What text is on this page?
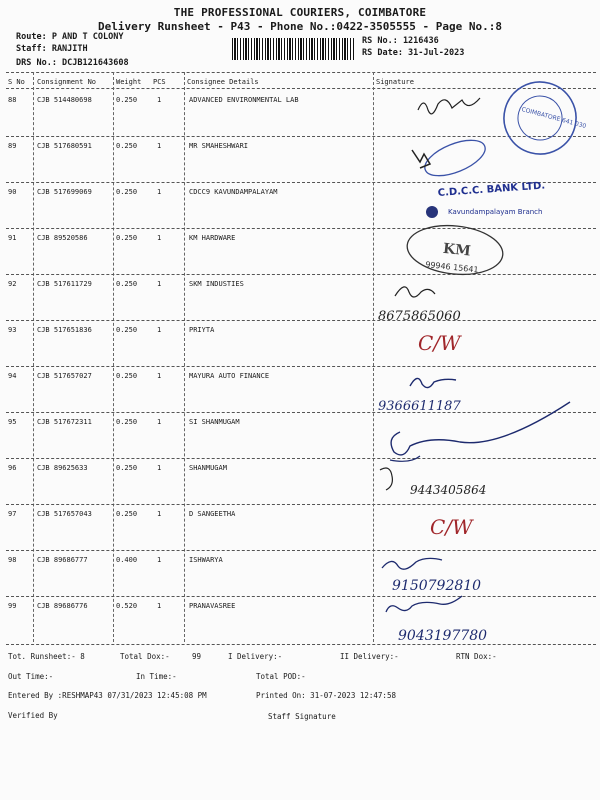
THE PROFESSIONAL COURIERS, COIMBATORE
Delivery Runsheet - P43 - Phone No.:0422-3505555 - Page No.:8
Route: P AND T COLONY
Staff: RANJITH
DRS No.: DCJB121643608
RS No.: 1216436
RS Date: 31-Jul-2023
S No Consignment No	Weight PCS	Consignee Details	Signature
88	CJB 514480698	0.250	1	ADVANCED ENVIRONMENTAL LAB
89	CJB 517680591	0.250	1	MR SMAHESHWARI
90	CJB 517699069	0.250	1	CDCC9 KAVUNDAMPALAYAM
91	CJB 89520586	0.250	1	KM HARDWARE
92	CJB 517611729	0.250	1	SKM INDUSTIES
93	CJB 517651836	0.250	1	PRIYTA
94	CJB 517657027	0.250	1	MAYURA AUTO FINANCE
95	CJB 517672311	0.250	1	SI SHANMUGAM
96	CJB 89625633	0.250	1	SHANMUGAM
97	CJB 517657043	0.250	1	D SANGEETHA
98	CJB 89686777	0.400	1	ISHWARYA
99	CJB 89686776	0.520	1	PRANAVASREE
COIMBATORE 641 030
C.D.C.C. BANK LTD.
Kavundampalayam Branch
KM
99946 15641
8675865060
C/W
9366611187
9443405864
C/W
9150792810
9043197780
Tot. Runsheet:- 8	Total Dox:-	99	I Delivery:-	II Delivery:-	RTN Dox:-
Out Time:-	In Time:-	Total POD:-
Entered By :RESHMAP43 07/31/2023 12:45:08 PM	Printed On: 31-07-2023 12:47:58
Verified By	Staff Signature
